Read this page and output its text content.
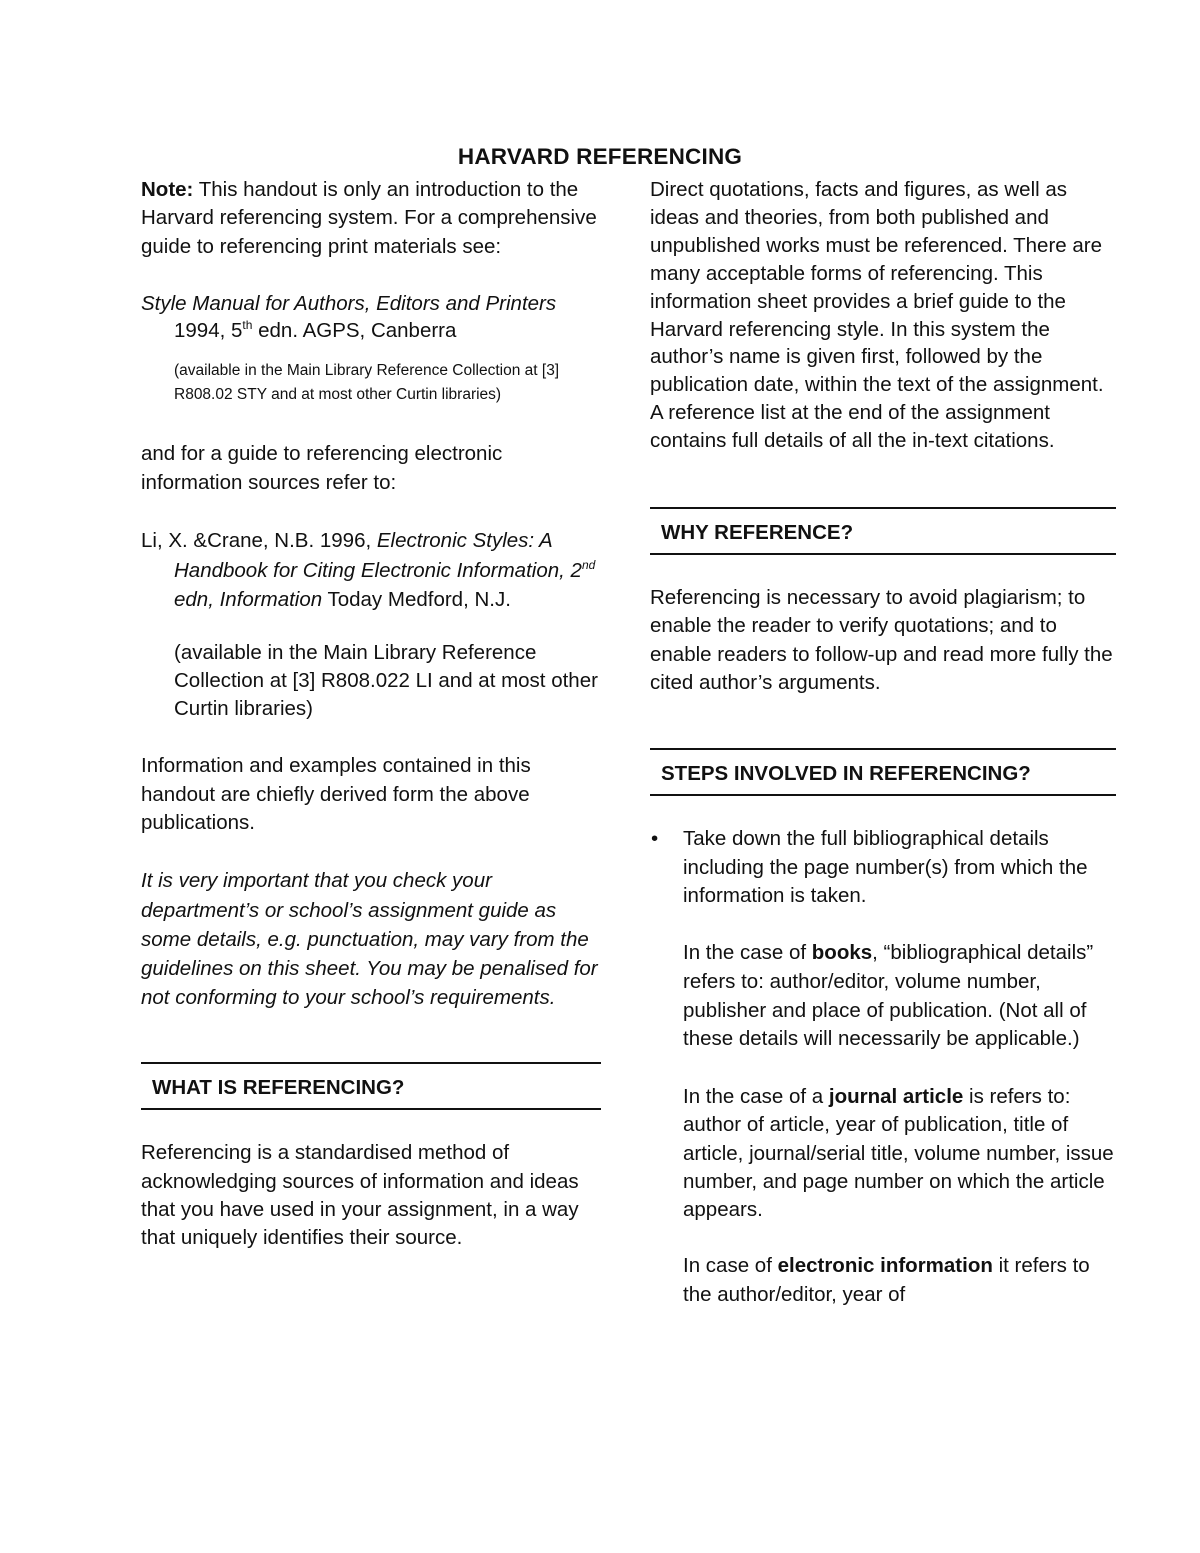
HARVARD REFERENCING

Note: This handout is only an introduction to the Harvard referencing system. For a comprehensive guide to referencing print materials see:

Style Manual for Authors, Editors and Printers

1994, 5th edn. AGPS, Canberra

(available in the Main Library Reference Collection at [3] R808.02 STY and at most other Curtin libraries)

and for a guide to referencing electronic information sources refer to:

Li, X. &Crane, N.B. 1996, Electronic Styles: A Handbook for Citing Electronic Information, 2nd edn, Information Today Medford, N.J.

(available in the Main Library Reference Collection at [3] R808.022 LI and at most other Curtin libraries)

Information and examples contained in this handout are chiefly derived form the above publications.

It is very important that you check your department’s or school’s assignment guide as some details, e.g. punctuation, may vary from the guidelines on this sheet. You may be penalised for not conforming to your school’s requirements.

WHAT IS REFERENCING?

Referencing is a standardised method of acknowledging sources of information and ideas that you have used in your assignment, in a way that uniquely identifies their source.

Direct quotations, facts and figures, as well as ideas and theories, from both published and unpublished works must be referenced. There are many acceptable forms of referencing. This information sheet provides a brief guide to the Harvard referencing style. In this system the author’s name is given first, followed by the publication date, within the text of the assignment. A reference list at the end of the assignment contains full details of all the in-text citations.

WHY REFERENCE?

Referencing is necessary to avoid plagiarism; to enable the reader to verify quotations; and to enable readers to follow-up and read more fully the cited author’s arguments.

STEPS INVOLVED IN REFERENCING?
• Take down the full bibliographical details including the page number(s) from which the information is taken.

In the case of books, “bibliographical details” refers to: author/editor, volume number, publisher and place of publication. (Not all of these details will necessarily be applicable.)

In the case of a journal article is refers to: author of article, year of publication, title of article, journal/serial title, volume number, issue number, and page number on which the article appears.

In case of electronic information it refers to the author/editor, year of
